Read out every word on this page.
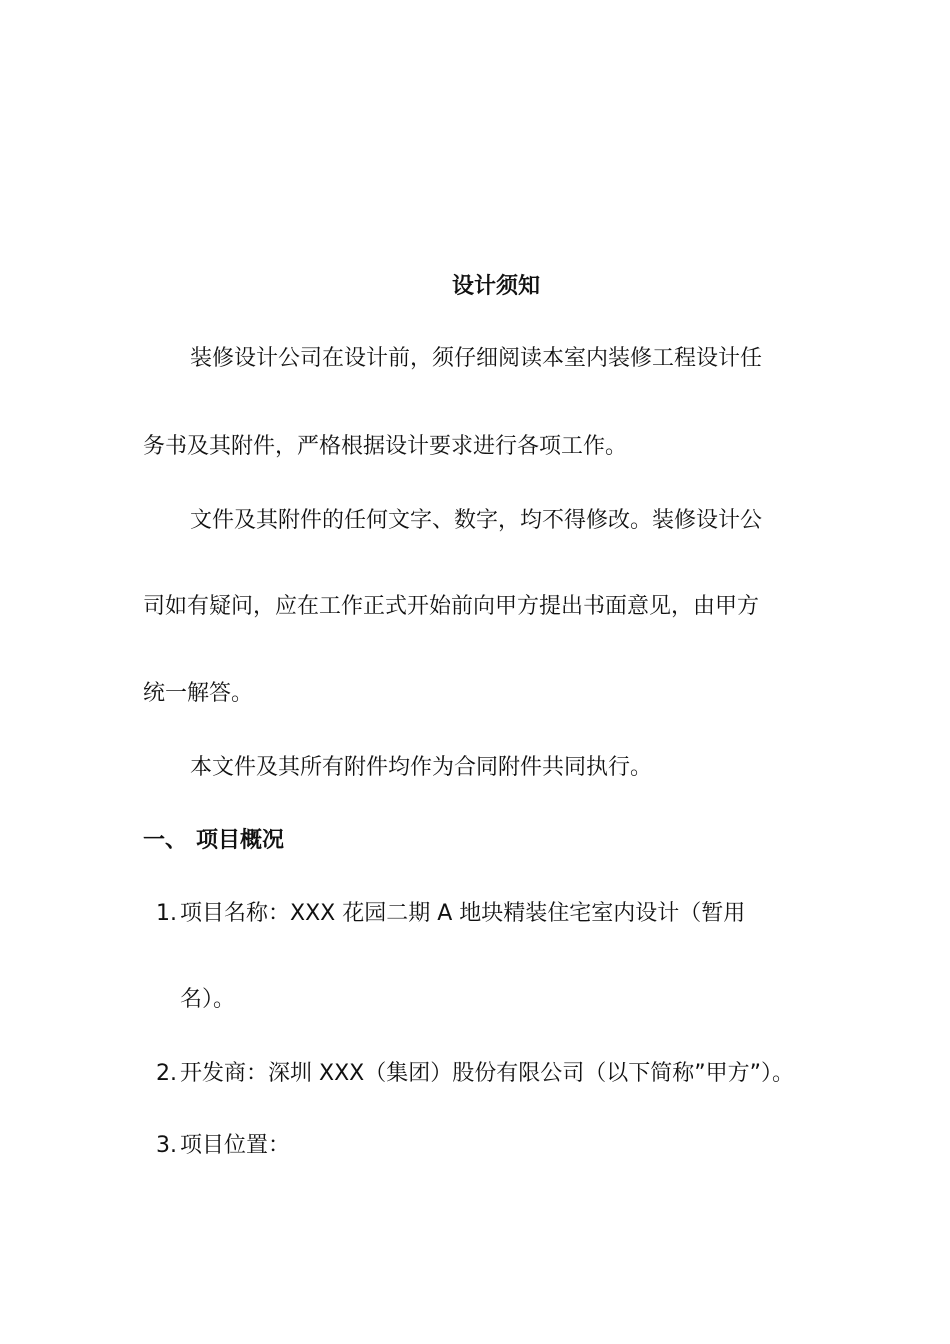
设计须知
装修设计公司在设计前，须仔细阅读本室内装修工程设计任
务书及其附件，严格根据设计要求进行各项工作。
文件及其附件的任何文字、数字，均不得修改。装修设计公
司如有疑问，应在工作正式开始前向甲方提出书面意见，由甲方
统一解答。
本文件及其所有附件均作为合同附件共同执行。
一、 项目概况
1. 项目名称：XXX 花园二期 A 地块精装住宅室内设计（暂用
名）。
2. 开发商：深圳 XXX（集团）股份有限公司（以下简称”甲方”）。
3. 项目位置：
